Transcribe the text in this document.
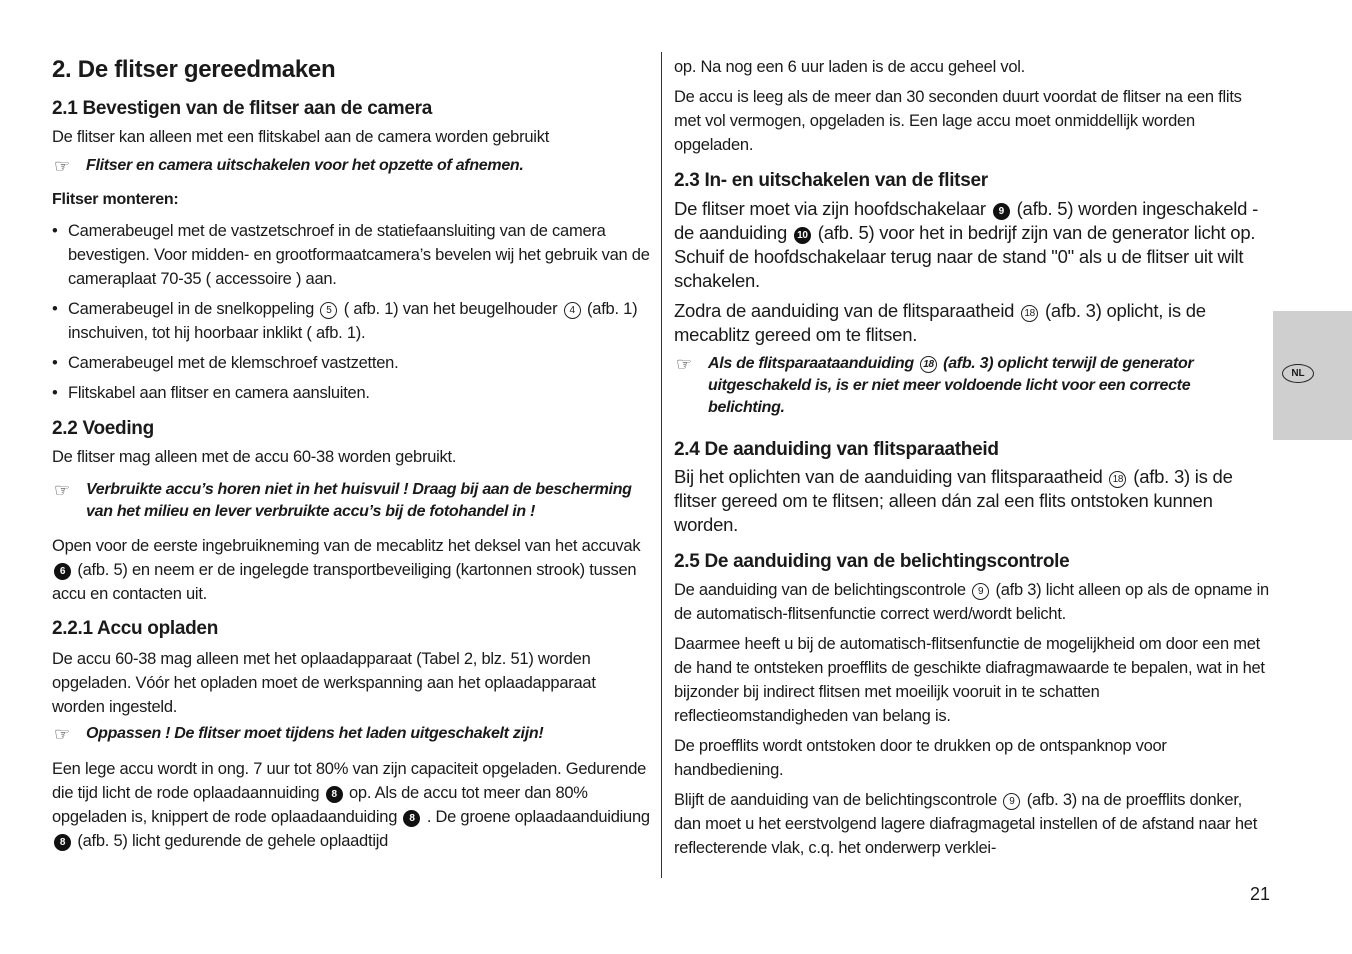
2. De flitser gereedmaken
2.1 Bevestigen van de flitser aan de camera

De flitser kan alleen met een flitskabel aan de camera worden gebruikt

☞ Flitser en camera uitschakelen voor het opzette of afnemen.

Flitser monteren:

• Camerabeugel met de vastzetschroef in de statiefaansluiting van de camera bevestigen. Voor midden- en grootformaatcamera’s bevelen wij het gebruik van de cameraplaat 70-35 ( accessoire ) aan.
• Camerabeugel in de snelkoppeling 5 ( afb. 1) van het beugelhouder 4 (afb. 1) inschuiven, tot hij hoorbaar inklikt ( afb. 1).
• Camerabeugel met de klemschroef vastzetten.
• Flitskabel aan flitser en camera aansluiten.
2.2 Voeding

De flitser mag alleen met de accu 60-38 worden gebruikt.

☞ Verbruikte accu’s horen niet in het huisvuil ! Draag bij aan de bescherming van het milieu en lever verbruikte accu’s bij de fotohandel in !

Open voor de eerste ingebruikneming van de mecablitz het deksel van het accuvak 6 (afb. 5) en neem er de ingelegde transportbeveiliging (kartonnen strook) tussen accu en contacten uit.

2.2.1 Accu opladen

De accu 60-38 mag alleen met het oplaadapparaat (Tabel 2, blz. 51) worden opgeladen. Vóór het opladen moet de werkspanning aan het oplaadapparaat worden ingesteld.

☞ Oppassen ! De flitser moet tijdens het laden uitgeschakelt zijn!

Een lege accu wordt in ong. 7 uur tot 80% van zijn capaciteit opgeladen. Gedurende die tijd licht de rode oplaadaannuiding 8 op. Als de accu tot meer dan 80% opgeladen is, knippert de rode oplaadaanduiding 8 . De groene oplaadaanduidiung 8 (afb. 5) licht gedurende de gehele oplaadtijd

op. Na nog een 6 uur laden is de accu geheel vol.

De accu is leeg als de meer dan 30 seconden duurt voordat de flitser na een flits met vol vermogen, opgeladen is. Een lage accu moet onmiddellijk worden opgeladen.

2.3 In- en uitschakelen van de flitser

De flitser moet via zijn hoofdschakelaar 9 (afb. 5) worden ingeschakeld - de aanduiding 10 (afb. 5) voor het in bedrijf zijn van de generator licht op. Schuif de hoofdschakelaar terug naar de stand "0" als u de flitser uit wilt schakelen.

Zodra de aanduiding van de flitsparaatheid 18 (afb. 3) oplicht, is de mecablitz gereed om te flitsen.

☞ Als de flitsparaataanduiding 18 (afb. 3) oplicht terwijl de generator uitgeschakeld is, is er niet meer voldoende licht voor een correcte belichting.

2.4 De aanduiding van flitsparaatheid

Bij het oplichten van de aanduiding van flitsparaatheid 18 (afb. 3) is de flitser gereed om te flitsen; alleen dán zal een flits ontstoken kunnen worden.

2.5 De aanduiding van de belichtingscontrole

De aanduiding van de belichtingscontrole 9 (afb 3) licht alleen op als de opname in de automatisch-flitsenfunctie correct werd/wordt belicht.

Daarmee heeft u bij de automatisch-flitsenfunctie de mogelijkheid om door een met de hand te ontsteken proefflits de geschikte diafragmawaarde te bepalen, wat in het bijzonder bij indirect flitsen met moeilijk vooruit in te schatten reflectieomstandigheden van belang is.

De proefflits wordt ontstoken door te drukken op de ontspanknop voor handbediening.

Blijft de aanduiding van de belichtingscontrole 9 (afb. 3) na de proefflits donker, dan moet u het eerstvolgend lagere diafragmagetal instellen of de afstand naar het reflecterende vlak, c.q. het onderwerp verklei-

NL
21
